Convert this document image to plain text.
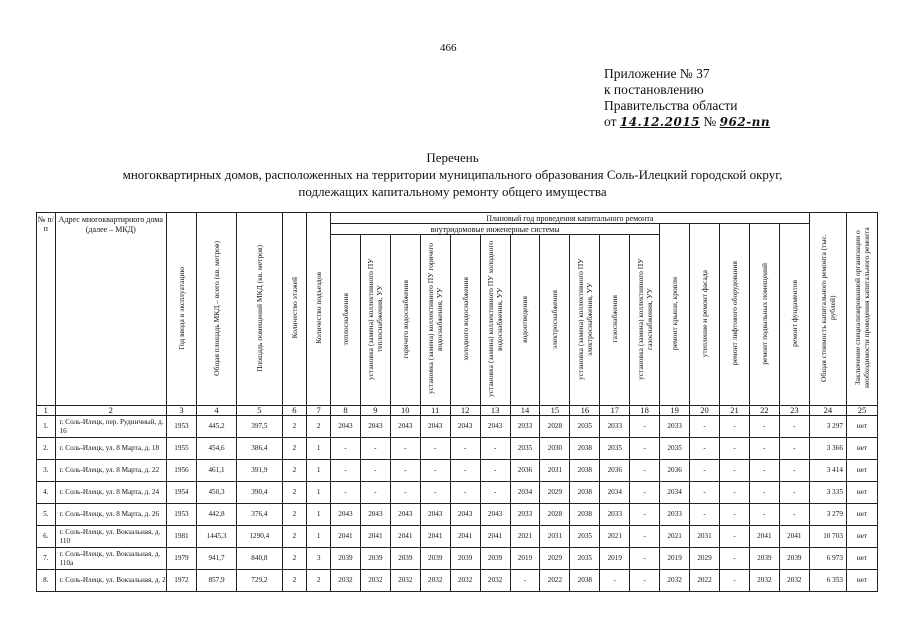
466
Приложение № 37
к постановлению
Правительства области
от 14.12.2015 № 962-пп
Перечень
многоквартирных домов, расположенных на территории муниципального образования Соль-Илецкий городской округ,
подлежащих капитальному ремонту общего имущества
№ п/п	Адрес многоквартирного дома (далее – МКД)	Год ввода в эксплуатацию	Общая площадь МКД – всего (кв. метров)	Площадь помещений МКД (кв. метров)	Количество этажей	Количество подъездов	Плановый год проведения капитального ремонта																Общая стоимость капитального ремонта (тыс. рублей)	Заключение специализированной организации о необходимости проведения капитального ремонта
							внутридомовые инженерные системы											ремонт крыши, кровли	утепление и ремонт фасада	ремонт лифтового оборудования	ремонт подвальных помещений	ремонт фундаментов		
							теплоснабжения	установка (замена) коллективного ПУ теплоснабжения, УУ	горячего водоснабжения	установка (замена) коллективного ПУ горячего водоснабжения, УУ	холодного водоснабжения	установка (замена) коллективного ПУ холодного водоснабжения, УУ	водоотведения	электроснабжения	установка (замена) коллективного ПУ электроснабжения, УУ	газоснабжения	установка (замена) коллективного ПУ газоснабжения, УУ							
1	2	3	4	5	6	7	8	9	10	11	12	13	14	15	16	17	18	19	20	21	22	23	24	25
1.	г. Соль-Илецк, пер. Рудничный, д. 16	1953	445,2	397,5	2	2	2043	2043	2043	2043	2043	2043	2033	2028	2035	2033	-	2033	-	-	-	-	3 297	нет
2.	г. Соль-Илецк, ул. 8 Марта, д. 18	1955	454,6	386,4	2	1	-	-	-	-	-	-	2035	2030	2038	2035	-	2035	-	-	-	-	3 366	нет
3.	г. Соль-Илецк, ул. 8 Марта, д. 22	1956	461,1	391,9	2	1	-	-	-	-	-	-	2036	2031	2038	2036	-	2036	-	-	-	-	3 414	нет
4.	г. Соль-Илецк, ул. 8 Марта, д. 24	1954	450,3	390,4	2	1	-	-	-	-	-	-	2034	2029	2038	2034	-	2034	-	-	-	-	3 335	нет
5.	г. Соль-Илецк, ул. 8 Марта, д. 26	1953	442,8	376,4	2	1	2043	2043	2043	2043	2043	2043	2033	2028	2038	2033	-	2033	-	-	-	-	3 279	нет
6.	г. Соль-Илецк, ул. Вокзальная, д. 110	1981	1445,3	1290,4	2	1	2041	2041	2041	2041	2041	2041	2021	2031	2035	2021	-	2021	2031	-	2041	2041	10 703	нет
7.	г. Соль-Илецк, ул. Вокзальная, д. 110а	1979	941,7	840,8	2	3	2039	2039	2039	2039	2039	2039	2019	2029	2035	2019	-	2019	2029	-	2039	2039	6 973	нет
8.	г. Соль-Илецк, ул. Вокзальная, д. 2	1972	857,9	729,2	2	2	2032	2032	2032	2032	2032	2032	-	2022	2038	-	-	2032	2022	-	2032	2032	6 353	нет
